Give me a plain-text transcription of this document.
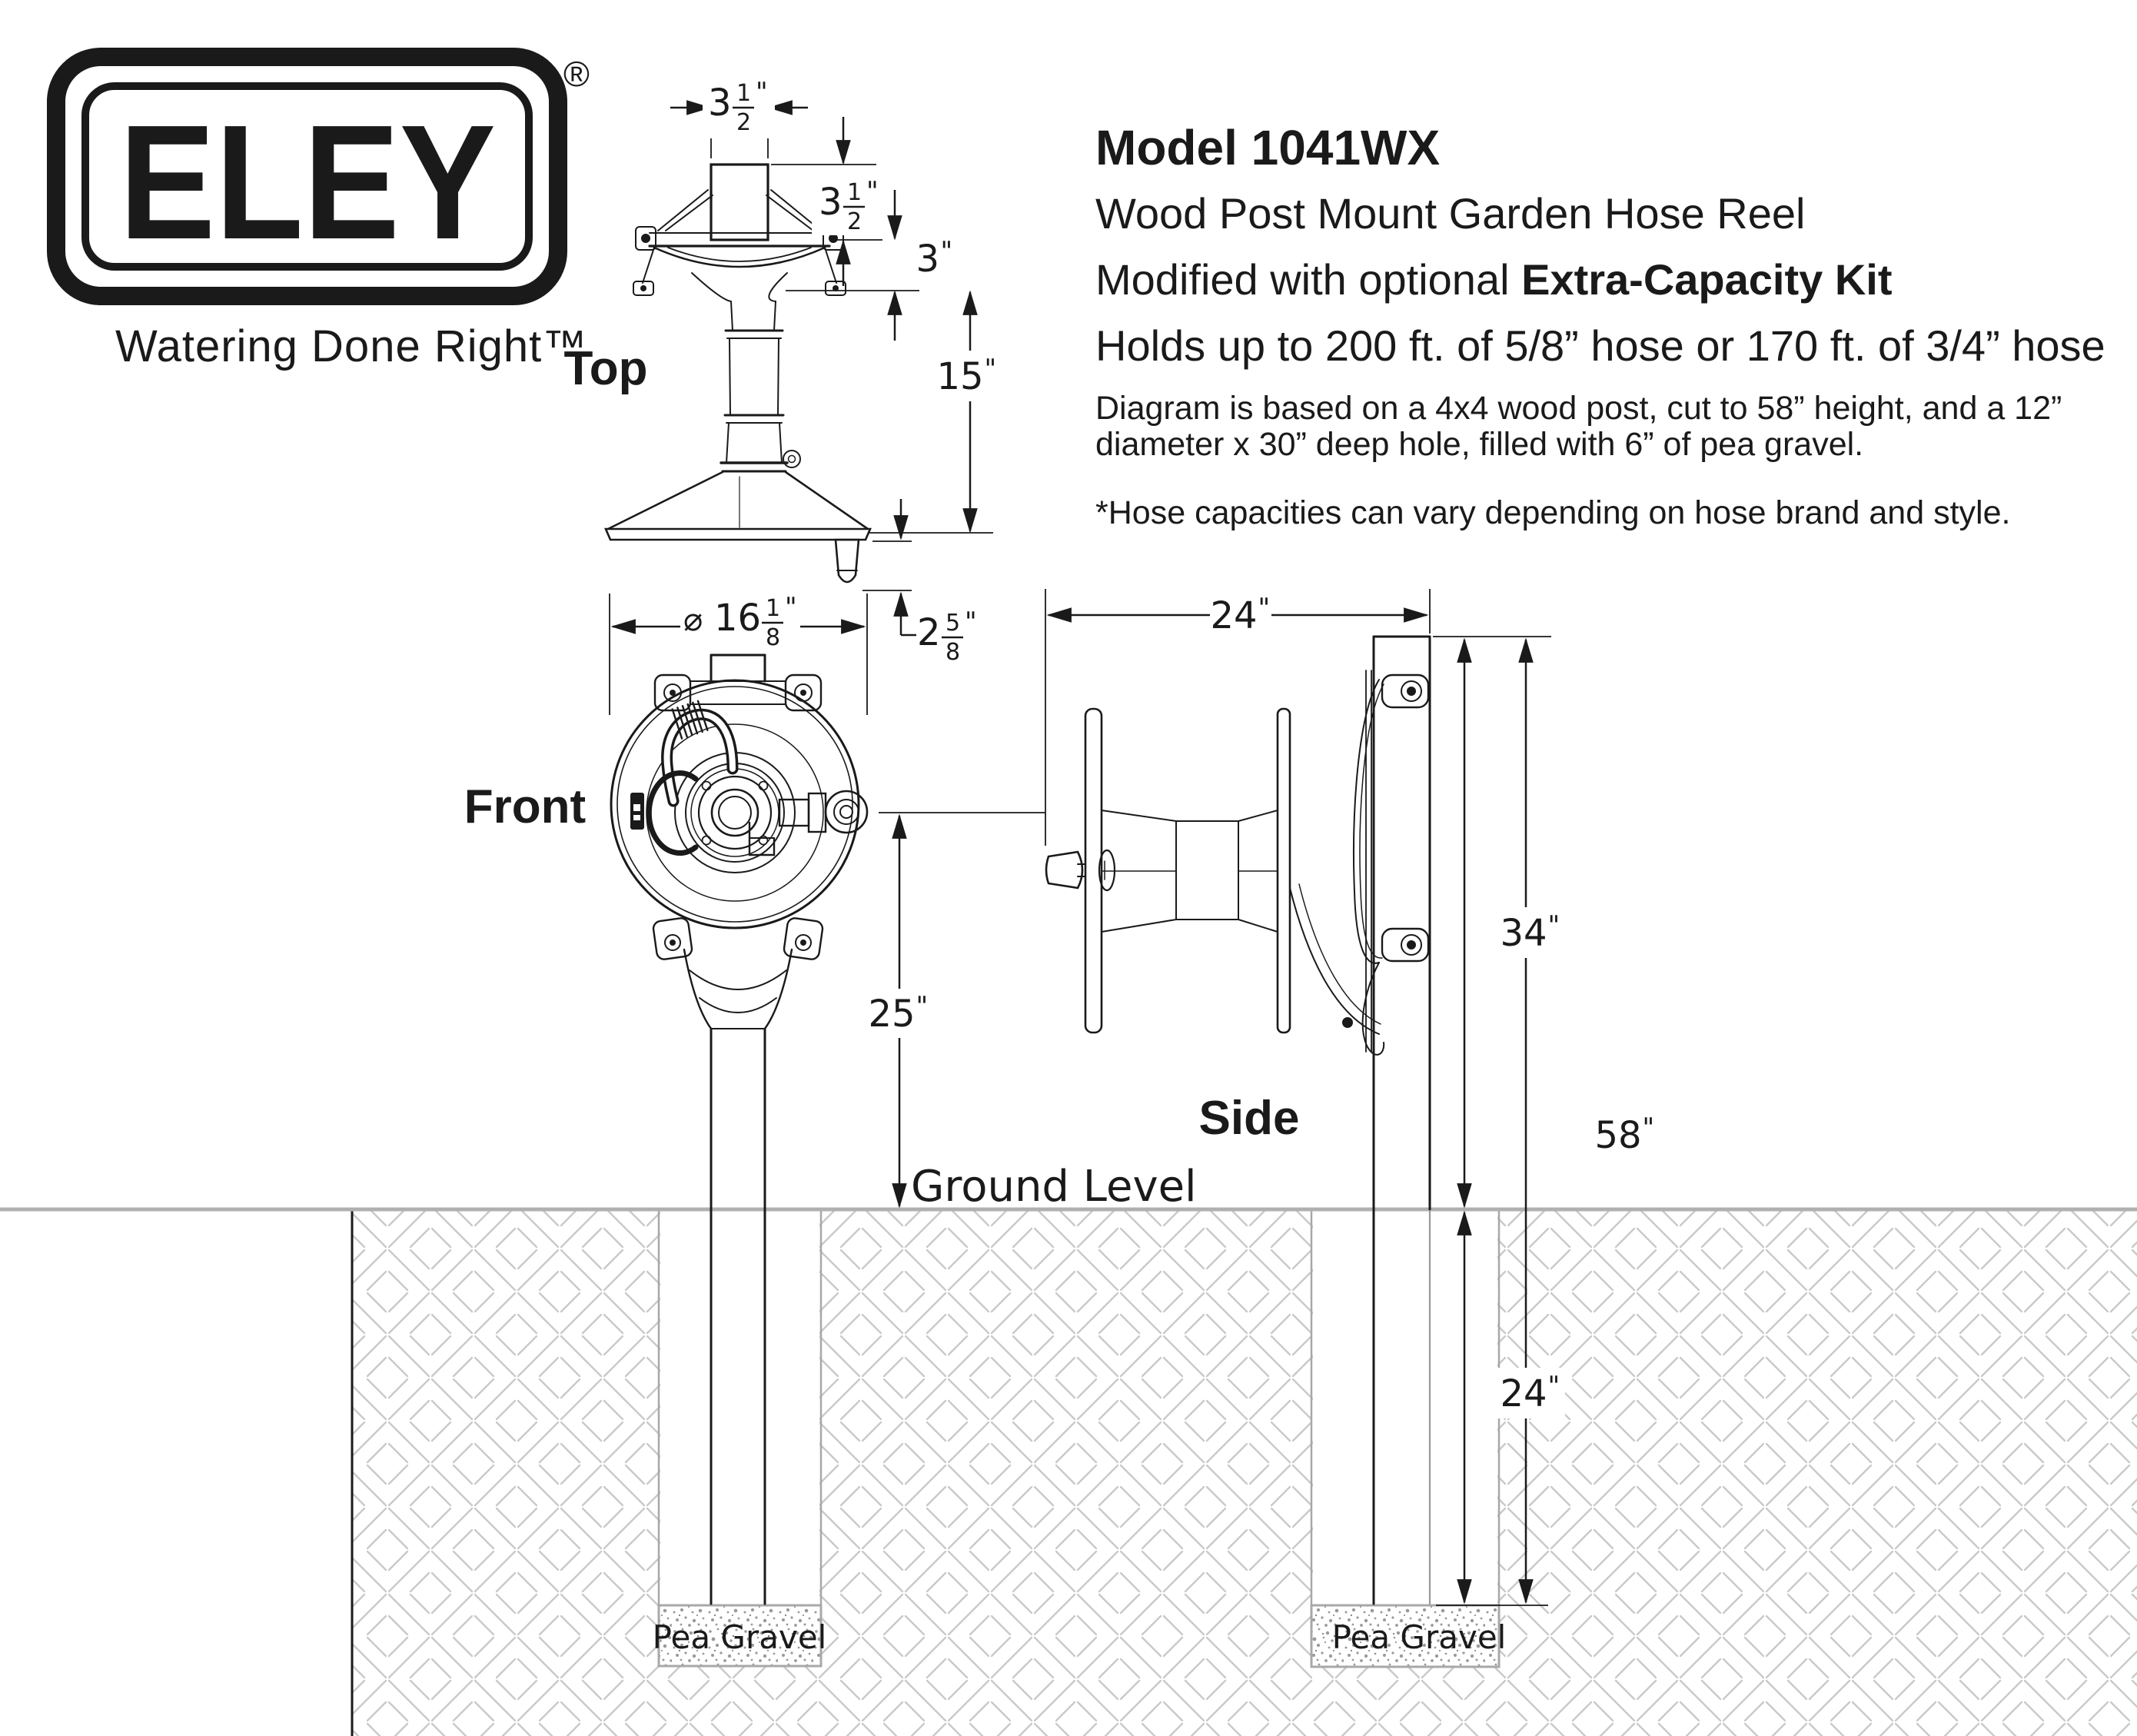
ELEY
®
Watering Done Right™
3 1 2"
3 1 2"
3"
15"
2 5 8"
⌀ 16 1 8"
25"
24"
34"
58"
24"
Top
Front
Side
Ground Level
Pea Gravel	Pea Gravel

Model 1041WX

Wood Post Mount Garden Hose Reel

Modified with optional Extra-Capacity Kit

Holds up to 200 ft. of 5/8” hose or 170 ft. of 3/4” hose

Diagram is based on a 4x4 wood post, cut to 58” height, and a 12”
diameter x 30” deep hole, filled with 6” of pea gravel.

*Hose capacities can vary depending on hose brand and style.
